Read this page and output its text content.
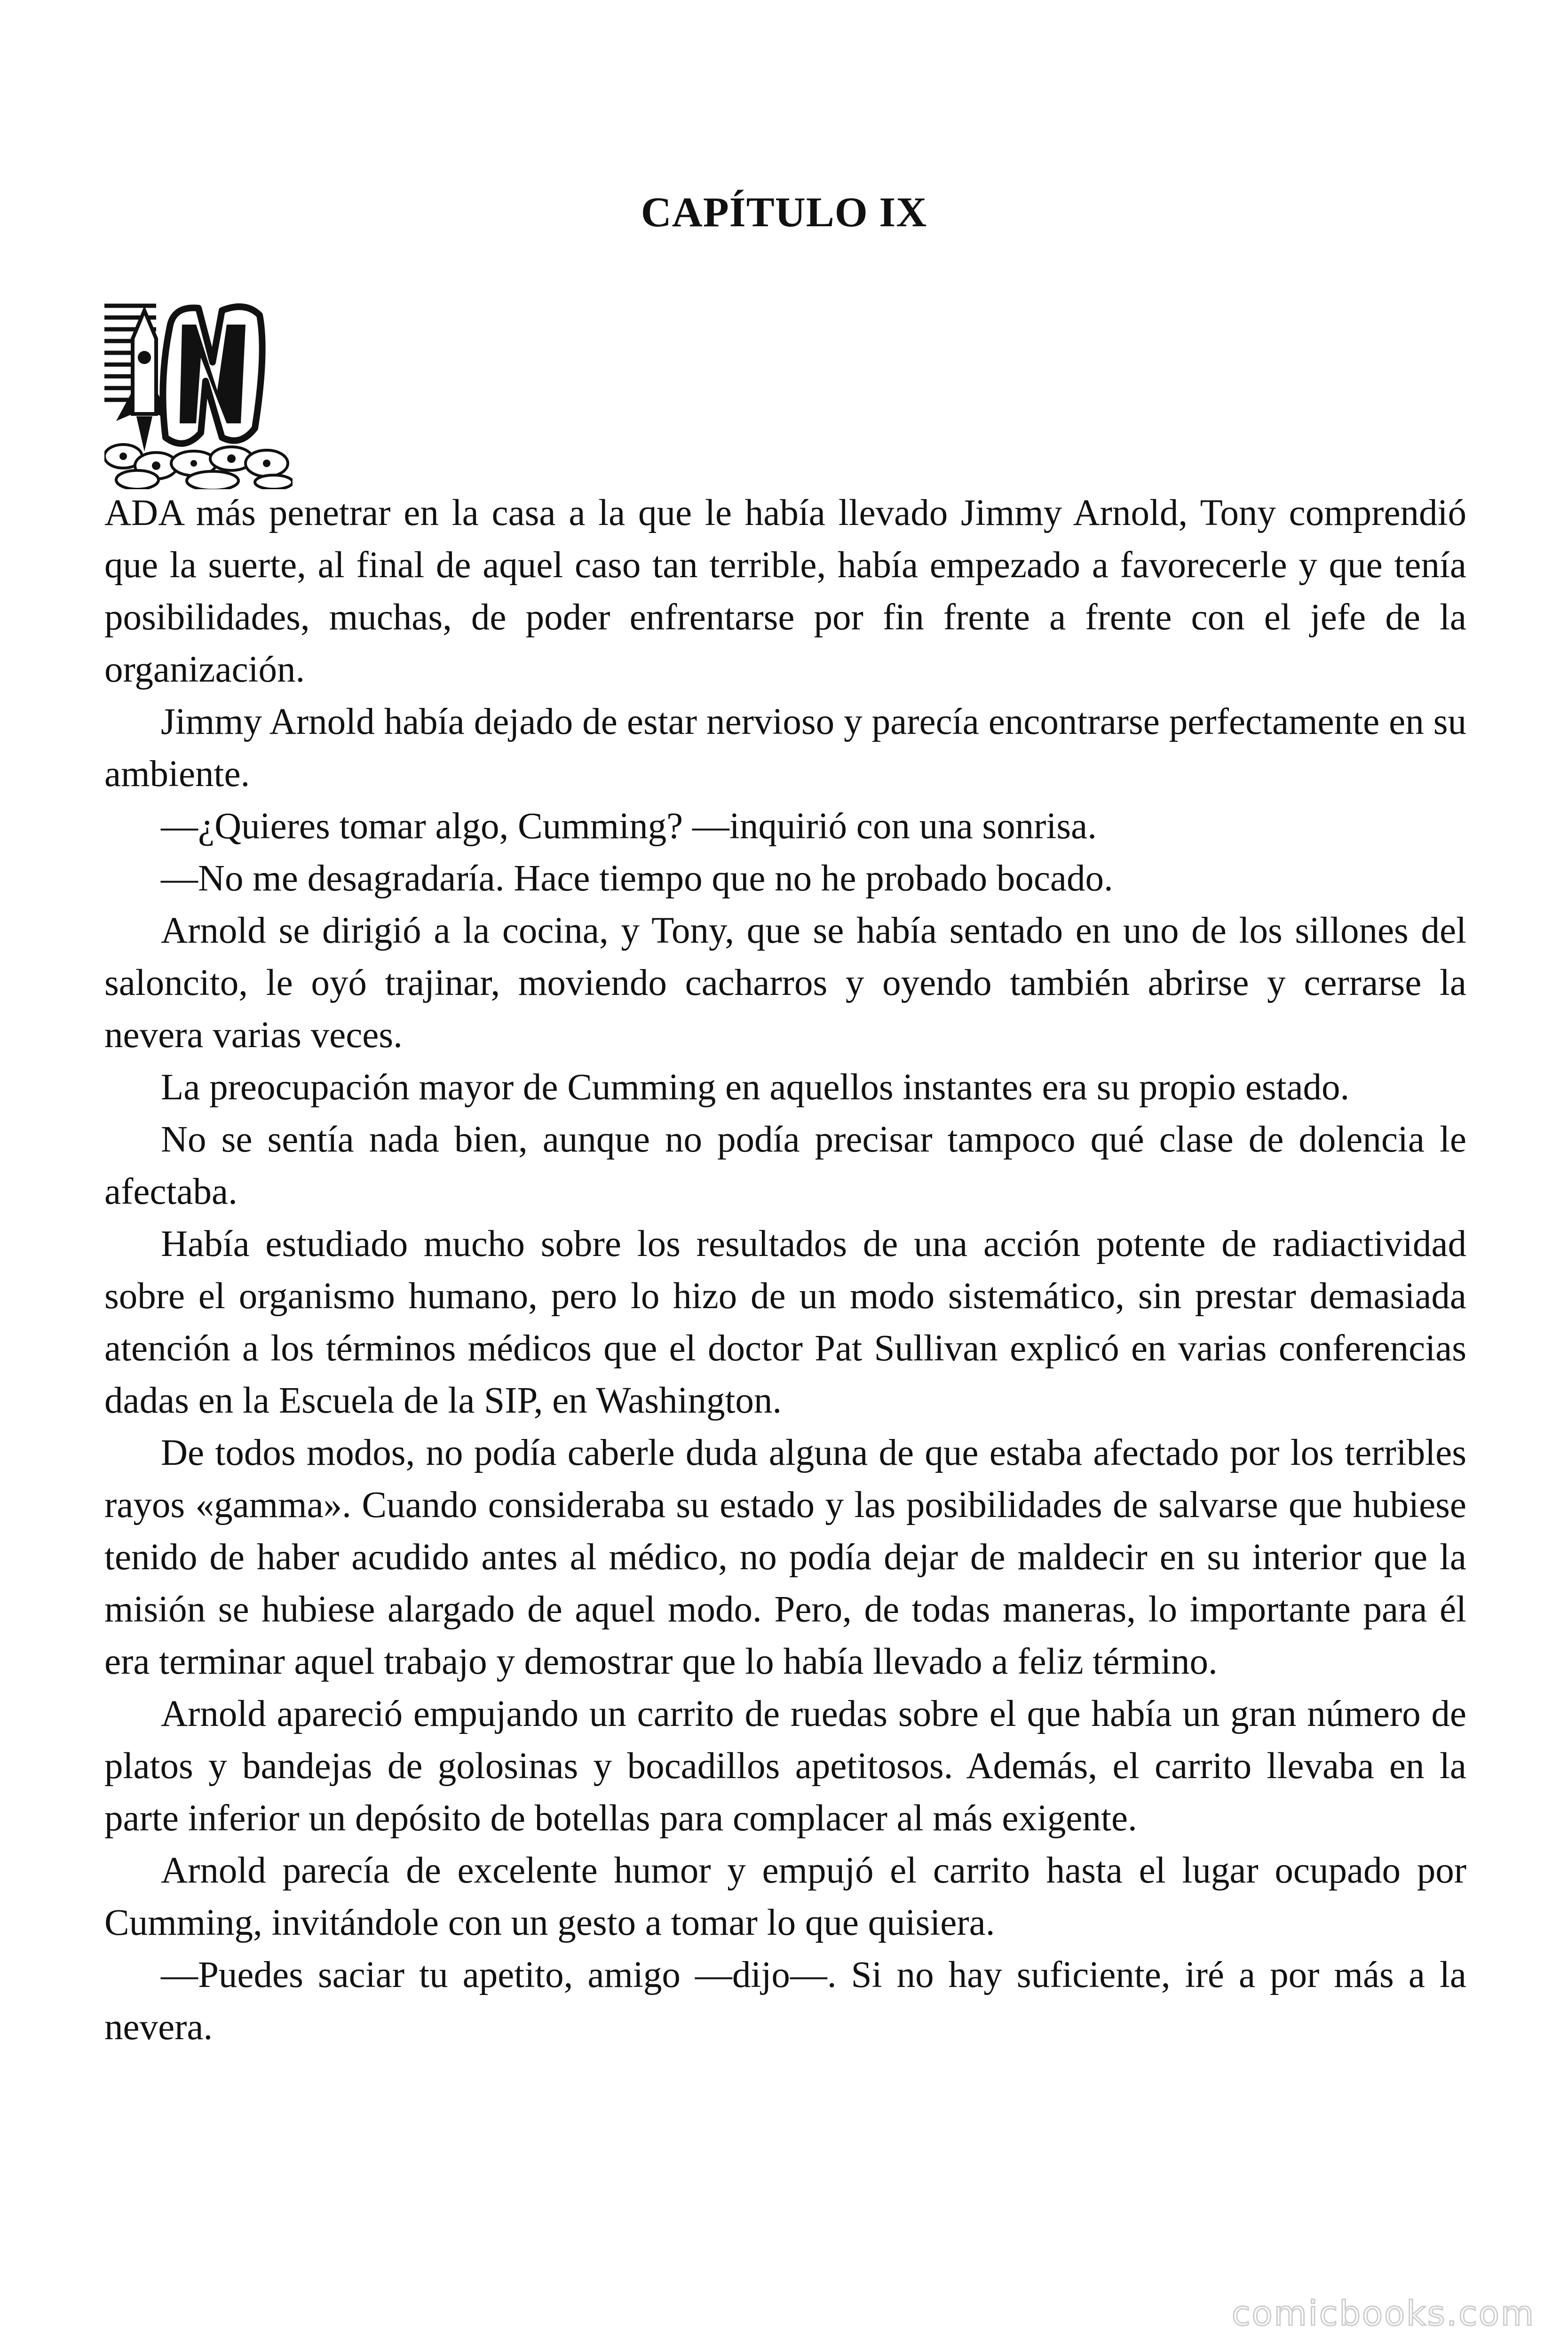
CAPÍTULO IX

ADA más penetrar en la casa a la que le había llevado Jimmy Arnold, Tony comprendió que la suerte, al final de aquel caso tan terrible, había empezado a favorecerle y que tenía posibilidades, muchas, de poder enfrentarse por fin frente a frente con el jefe de la organización.

Jimmy Arnold había dejado de estar nervioso y parecía encontrarse perfectamente en su ambiente.

—¿Quieres tomar algo, Cumming? —inquirió con una sonrisa.

—No me desagradaría. Hace tiempo que no he probado bocado.

Arnold se dirigió a la cocina, y Tony, que se había sentado en uno de los sillones del saloncito, le oyó trajinar, moviendo cacharros y oyendo también abrirse y cerrarse la nevera varias veces.

La preocupación mayor de Cumming en aquellos instantes era su propio estado.

No se sentía nada bien, aunque no podía precisar tampoco qué clase de dolencia le afectaba.

Había estudiado mucho sobre los resultados de una acción potente de radiactividad sobre el organismo humano, pero lo hizo de un modo sistemático, sin prestar demasiada atención a los términos médicos que el doctor Pat Sullivan explicó en varias conferencias dadas en la Escuela de la SIP, en Washington.

De todos modos, no podía caberle duda alguna de que estaba afectado por los terribles rayos «gamma». Cuando consideraba su estado y las posibilidades de salvarse que hubiese tenido de haber acudido antes al médico, no podía dejar de maldecir en su interior que la misión se hubiese alargado de aquel modo. Pero, de todas maneras, lo importante para él era terminar aquel trabajo y demostrar que lo había llevado a feliz término.

Arnold apareció empujando un carrito de ruedas sobre el que había un gran número de platos y bandejas de golosinas y bocadillos apetitosos. Además, el carrito llevaba en la parte inferior un depósito de botellas para complacer al más exigente.

Arnold parecía de excelente humor y empujó el carrito hasta el lugar ocupado por Cumming, invitándole con un gesto a tomar lo que quisiera.

—Puedes saciar tu apetito, amigo —dijo—. Si no hay suficiente, iré a por más a la nevera.

comicbooks.com
